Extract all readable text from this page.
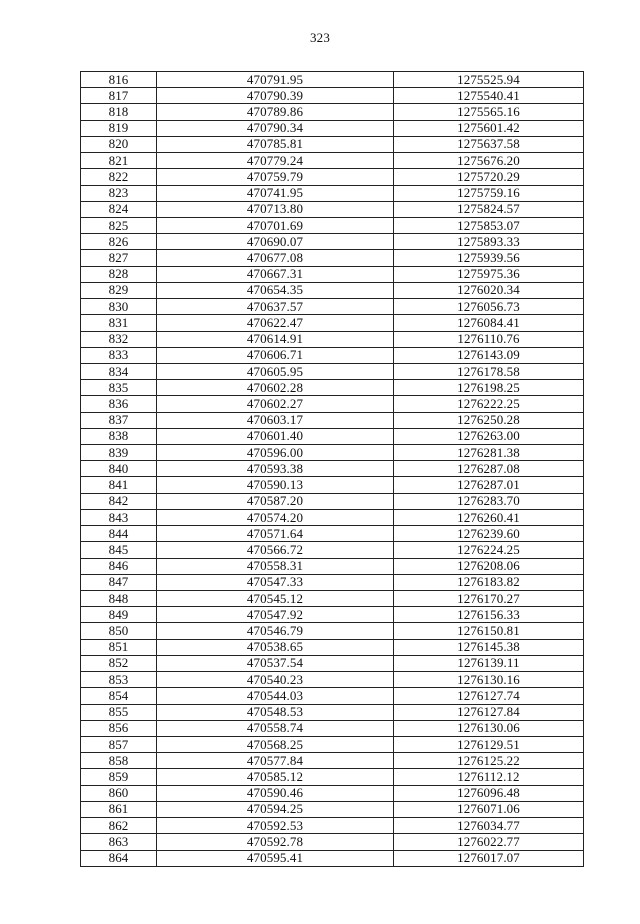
323
816	470791.95	1275525.94
817	470790.39	1275540.41
818	470789.86	1275565.16
819	470790.34	1275601.42
820	470785.81	1275637.58
821	470779.24	1275676.20
822	470759.79	1275720.29
823	470741.95	1275759.16
824	470713.80	1275824.57
825	470701.69	1275853.07
826	470690.07	1275893.33
827	470677.08	1275939.56
828	470667.31	1275975.36
829	470654.35	1276020.34
830	470637.57	1276056.73
831	470622.47	1276084.41
832	470614.91	1276110.76
833	470606.71	1276143.09
834	470605.95	1276178.58
835	470602.28	1276198.25
836	470602.27	1276222.25
837	470603.17	1276250.28
838	470601.40	1276263.00
839	470596.00	1276281.38
840	470593.38	1276287.08
841	470590.13	1276287.01
842	470587.20	1276283.70
843	470574.20	1276260.41
844	470571.64	1276239.60
845	470566.72	1276224.25
846	470558.31	1276208.06
847	470547.33	1276183.82
848	470545.12	1276170.27
849	470547.92	1276156.33
850	470546.79	1276150.81
851	470538.65	1276145.38
852	470537.54	1276139.11
853	470540.23	1276130.16
854	470544.03	1276127.74
855	470548.53	1276127.84
856	470558.74	1276130.06
857	470568.25	1276129.51
858	470577.84	1276125.22
859	470585.12	1276112.12
860	470590.46	1276096.48
861	470594.25	1276071.06
862	470592.53	1276034.77
863	470592.78	1276022.77
864	470595.41	1276017.07
